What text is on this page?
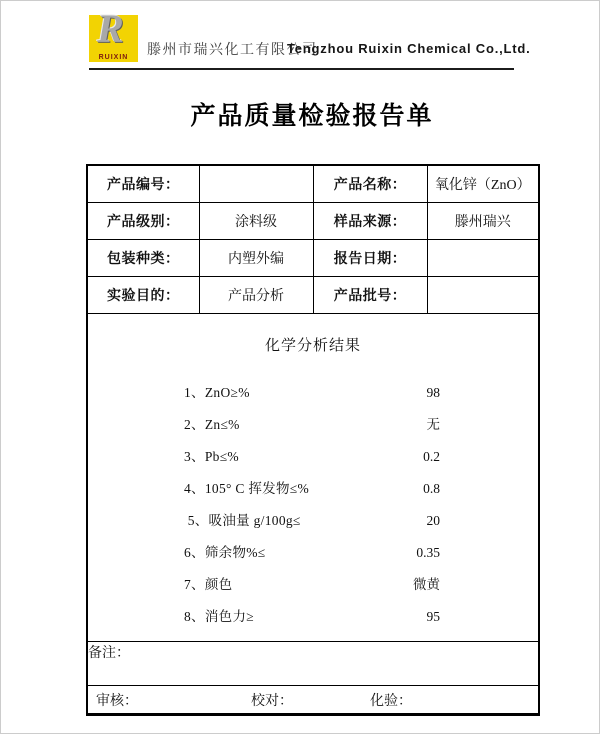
R
RUIXIN	滕州市瑞兴化工有限公司
Tengzhou Ruixin Chemical Co.,Ltd.
产品质量检验报告单
产品编号：		产品名称：	氧化锌（ZnO）
产品级别：	涂料级	样品来源：	滕州瑞兴
包装种类：	内塑外编	报告日期：	
实验目的：	产品分析	产品批号：	

化学分析结果
1、ZnO≥%	98
2、Zn≤%	无
3、Pb≤%	0.2
4、105° C 挥发物≤%	0.8
5、吸油量 g/100g≤	20
6、筛余物%≤	0.35
7、颜色	微黄
8、消色力≥	95

备注：			

审核： 校对： 化验：			
